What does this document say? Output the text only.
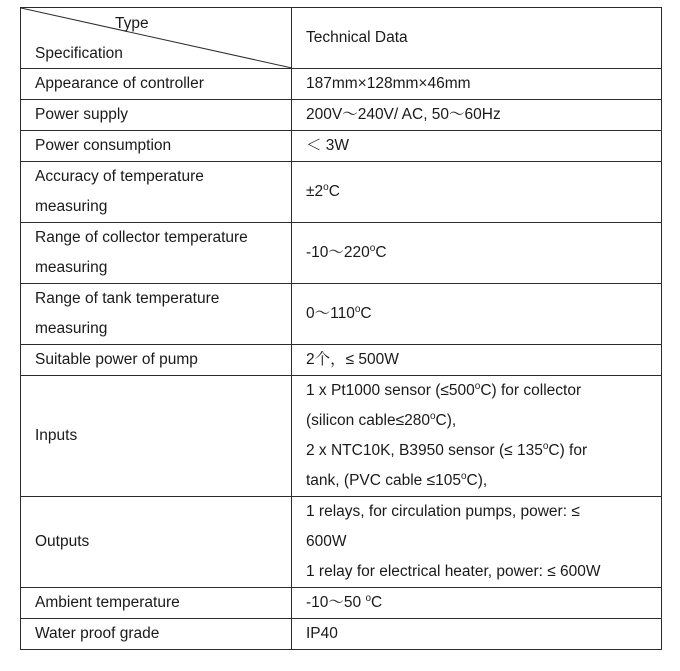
Type
Specification	Technical Data

Appearance of controller	187mm×128mm×46mm

Power supply	200V～240V/ AC, 50～60Hz

Power consumption	＜ 3W

Accuracy of temperature
measuring	$\pm 2^oC$

Range of collector temperature
measuring	-10～220$^o$C

Range of tank temperature
measuring	0～110$^o$C

Suitable power of pump	2个，≤ 500W

Inputs	1 x Pt1000 sensor $(\le 500^oC)$ for collector
(silicon $cable\le 280^oC$),
2 x NTC10K, B3950 sensor (≤ $135^oC$) for
tank, (PVC cable $\le 105^oC$),

Outputs	1 relays, for circulation pumps, power: ≤
600W
1 relay for electrical heater, power: ≤ 600W

Ambient temperature	-10～50 $^o$C

Water proof grade	IP40
